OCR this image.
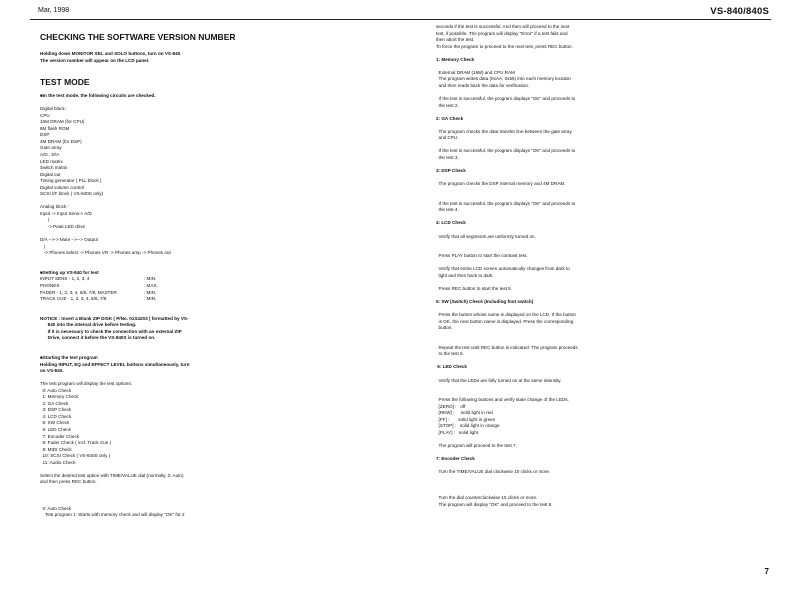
Mar, 1998	VS-840/840S
CHECKING THE SOFTWARE VERSION NUMBER
Holding down MONITOR SEL and SOLO buttons, turn on VS-840.
The version number will appear on the LCD panel.
TEST MODE
■In the test mode, the following circuits are checked.
Digital block :
CPU
16M DRAM (for CPU)
8M flash ROM
DSP
4M DRAM (for DSP)
Gate array
A/D , D/A
LED matrix
Switch matrix
Digital out
Timing generator ( PLL block )
Digital volume control
SCSI I/F block ( VS-840S only)
Analog block :
Input -> Input Sens-> A/D
|
-> Peak LED drive
D/A -->-> Mute -->--> Output
|
-> Phones select -> Phones VR -> Phones amp -> Phones out
■Setting up VS-840 for test
INPUT SENS - 1, 2, 3, 4	: MIN.
PHONES	: MAX.
FADER - 1, 2, 3, 4, 5/6, 7/8, MASTER	: MIN.
TRACK CUE - 1, 2, 3, 4, 5/6, 7/8	: MIN.
NOTICE : Insert a Blank ZIP DISK ( P/No. 01S4203 ) formatted by VS-
840 into the internal drive before testing.
If it is necessary to check the connection with an external ZIP
Drive, connect it before the VS-840S is turned on.
■Starting the test program
Holding INPUT, EQ and EFFECT LEVEL buttons simultaneously, turn
on VS-840.
The test program will display the test options:
0: Auto Check
1: Memory Check
2: GA Check
3: DSP Check
4: LCD Check
5: SW Check
6: LED Check
7: Encoder Check
8: Fader Check ( incl. Track Cue )
9: MIDI Check
10: SCSI Check ( VS-840S only )
11: Audio Check
Select the desired test option with TIME/VALUE dial (normally, 0: Auto)
and then press REC button.
0: Auto Check
Test program 1: Starts with memory check and will display "OK" for 2
seconds if the test is successful. And then will proceed to the next
test, if possible. The program will display "Error" if a test fails and
then abort the test.
To force the program to proceed to the next test, press REC button.
1: Memory Check
External DRAM (16M) and CPU RAM
The program writes data (0xAA, 0x55) into each memory location
and then reads back the data for verification.
If the test is successful, the program displays "OK" and proceeds to
the test 2.
2: GA Check
The program checks the data transfer line between the gate array
and CPU.
If the test is successful, the program displays "OK" and proceeds to
the test 3.
3: DSP Check
The program checks the DSP internal memory and 4M DRAM.
If the test is successful, the program displays "OK" and proceeds to
the test 4.
4: LCD Check
Verify that all segments are uniformly turned on.
Press PLAY button to start the contrast test.
Verify that entire LCD screen automatically changes from dark to
light and then back to dark.
Press REC button to start the test 5.
5: SW (Switch) Check (Including foot switch)
Press the button whose name is displayed on the LCD. If the button
is OK, the next button name is displayed. Press the corresponding
button.
Repeat the test until REC button is indicated. The program proceeds
to the test 6.
6: LED Check
Verify that the LEDs are fully turned on at the same intensity.
Press the following buttons and verify state change of the LEDs.
[ZERO] :   off
[REW] :     solid light in red
[FF] :       solid light in green
[STOP] :   solid light in orange
[PLAY] :   solid light
The program will proceed to the test 7.
7: Encoder Check
Turn the TIME/VALUE dial clockwise 10 clicks or more.
Turn the dial counterclockwise 10 clicks or more.
The program will display "OK" and proceed to the test 8.
7
